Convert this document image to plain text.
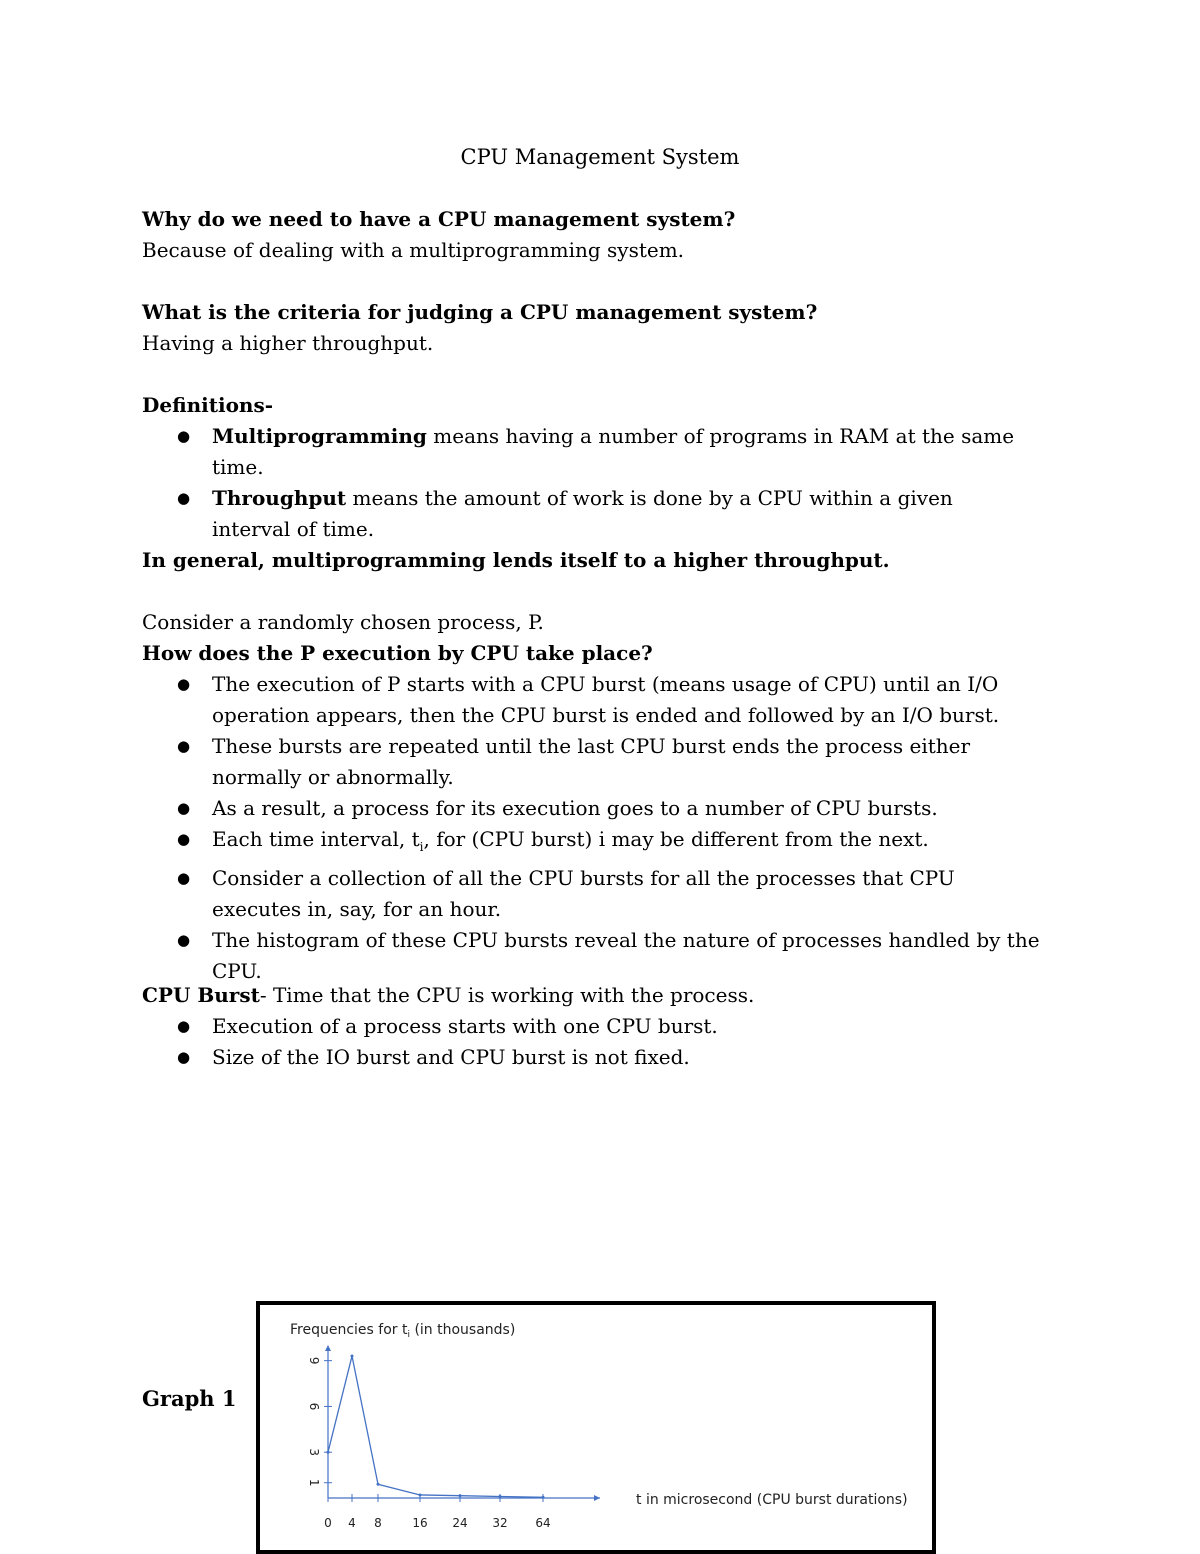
CPU Management System
Why do we need to have a CPU management system?
Because of dealing with a multiprogramming system.
What is the criteria for judging a CPU management system?
Having a higher throughput.
Definitions-
● Multiprogramming means having a number of programs in RAM at the same time.
● Throughput means the amount of work is done by a CPU within a given interval of time.
In general, multiprogramming lends itself to a higher throughput.
Consider a randomly chosen process, P.
How does the P execution by CPU take place?
● The execution of P starts with a CPU burst (means usage of CPU) until an I/O operation appears, then the CPU burst is ended and followed by an I/O burst.
● These bursts are repeated until the last CPU burst ends the process either normally or abnormally.
● As a result, a process for its execution goes to a number of CPU bursts.
● Each time interval, $t_i$, for (CPU burst) i may be different from the next.
● Consider a collection of all the CPU bursts for all the processes that CPU executes in, say, for an hour.
● The histogram of these CPU bursts reveal the nature of processes handled by the CPU.
CPU Burst- Time that the CPU is working with the process.
● Execution of a process starts with one CPU burst.
● Size of the IO burst and CPU burst is not fixed.
Graph 1
Frequencies for $t_i$ (in thousands)
0 4 8	16 24 32 64
1
3
6
9
t in microsecond (CPU burst durations)
